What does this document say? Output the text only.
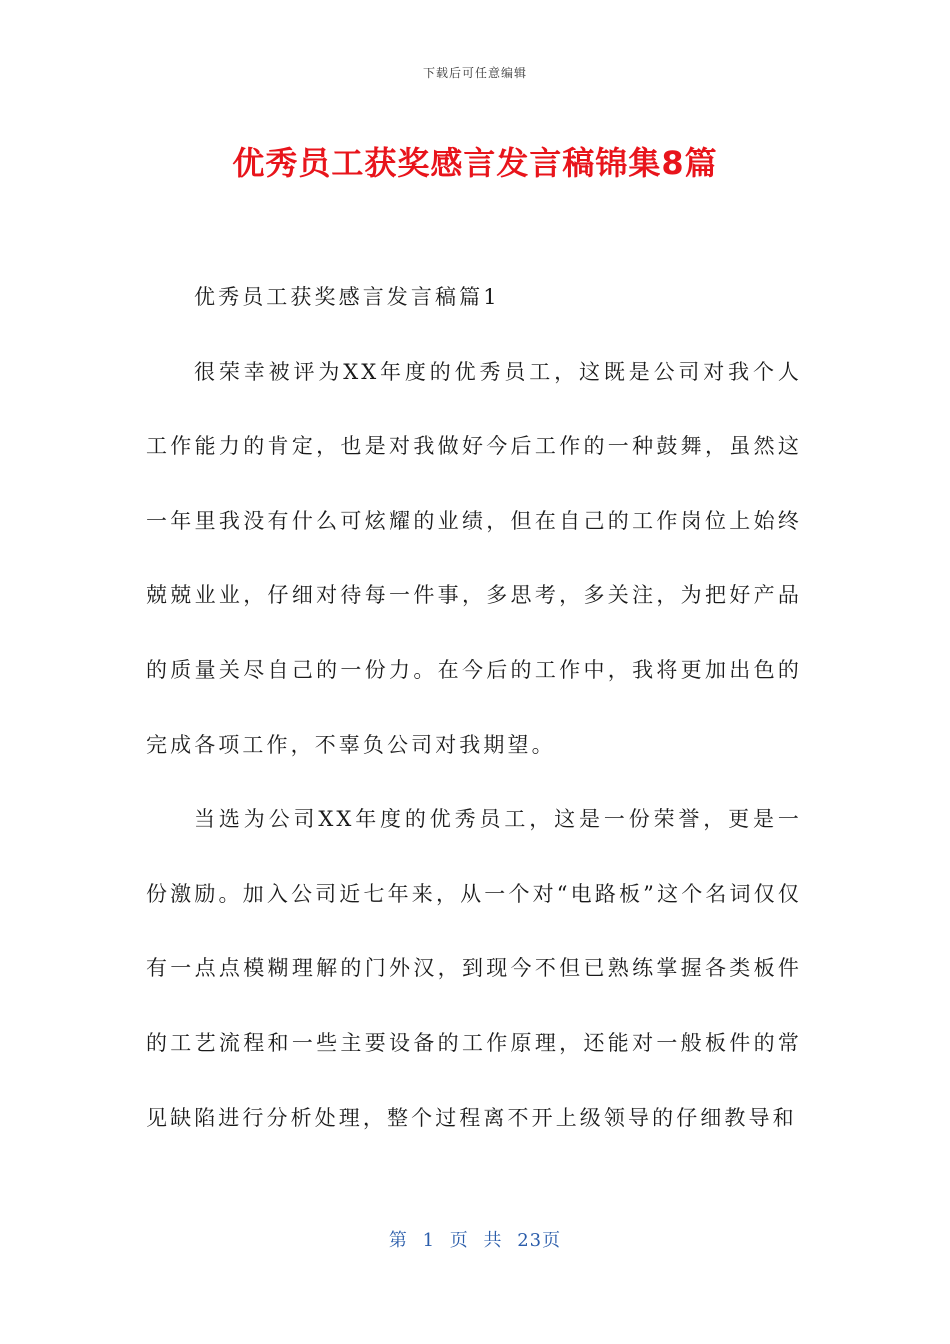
下载后可任意编辑
优秀员工获奖感言发言稿锦集8篇

优秀员工获奖感言发言稿篇1

很荣幸被评为XX年度的优秀员工，这既是公司对我个人工作能力的肯定，也是对我做好今后工作的一种鼓舞，虽然这一年里我没有什么可炫耀的业绩，但在自己的工作岗位上始终兢兢业业，仔细对待每一件事，多思考，多关注，为把好产品的质量关尽自己的一份力。在今后的工作中，我将更加出色的完成各项工作，不辜负公司对我期望。

当选为公司XX年度的优秀员工，这是一份荣誉，更是一份激励。加入公司近七年来，从一个对“电路板”这个名词仅仅有一点点模糊理解的门外汉，到现今不但已熟练掌握各类板件的工艺流程和一些主要设备的工作原理，还能对一般板件的常见缺陷进行分析处理，整个过程离不开上级领导的仔细教导和

第 1 页 共 23页
